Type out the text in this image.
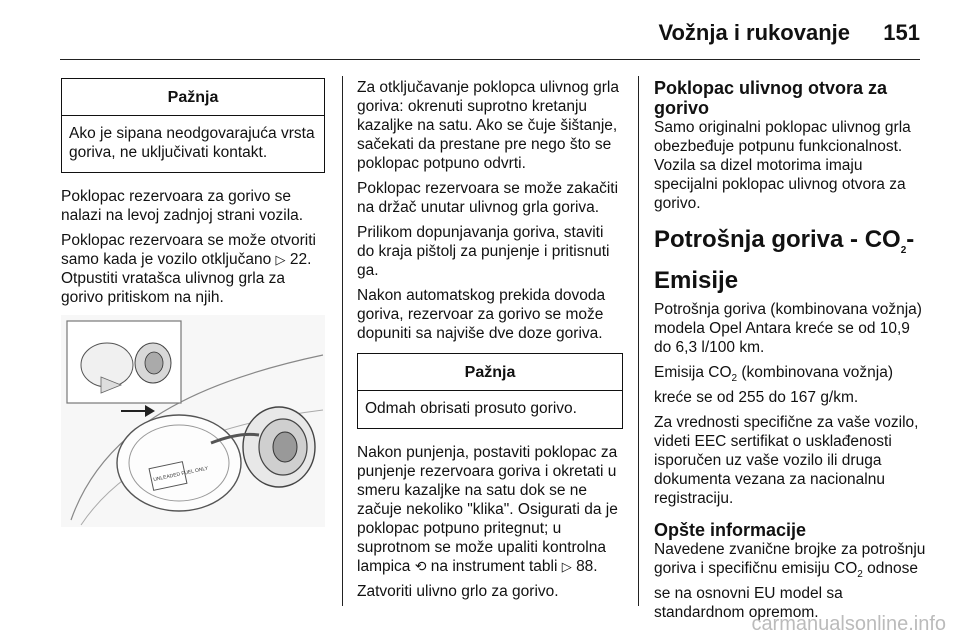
Vožnja i rukovanje 151
Pažnja
Ako je sipana neodgovarajuća vrsta goriva, ne uključivati kontakt.

Poklopac rezervoara za gorivo se nalazi na levoj zadnjoj strani vozila.

Poklopac rezervoara se može otvoriti samo kada je vozilo otključano ▷ 22. Otpustiti vratašca ulivnog grla za gorivo pritiskom na njih.

UNLEADED FUEL ONLY

Za otključavanje poklopca ulivnog grla goriva: okrenuti suprotno kretanju kazaljke na satu. Ako se čuje šištanje, sačekati da prestane pre nego što se poklopac potpuno odvrti.

Poklopac rezervoara se može zakačiti na držač unutar ulivnog grla goriva.

Prilikom dopunjavanja goriva, staviti do kraja pištolj za punjenje i pritisnuti ga.

Nakon automatskog prekida dovoda goriva, rezervoar za gorivo se može dopuniti sa najviše dve doze goriva.

Pažnja
Odmah obrisati prosuto gorivo.

Nakon punjenja, postaviti poklopac za punjenje rezervoara goriva i okretati u smeru kazaljke na satu dok se ne začuje nekoliko "klika". Osigurati da je poklopac potpuno pritegnut; u suprotnom se može upaliti kontrolna lampica ⟲ na instrument tabli ▷ 88.

Zatvoriti ulivno grlo za gorivo.

Poklopac ulivnog otvora za gorivo

Samo originalni poklopac ulivnog grla obezbeđuje potpunu funkcionalnost. Vozila sa dizel motorima imaju specijalni poklopac ulivnog otvora za gorivo.

Potrošnja goriva - $CO_2$-Emisije

Potrošnja goriva (kombinovana vožnja) modela Opel Antara kreće se od 10,9 do 6,3 l/100 km.

Emisija $CO_2$ (kombinovana vožnja) kreće se od 255 do 167 g/km.

Za vrednosti specifične za vaše vozilo, videti EEC sertifikat o usklađenosti isporučen uz vaše vozilo ili druga dokumenta vezana za nacionalnu registraciju.

Opšte informacije

Navedene zvanične brojke za potrošnju goriva i specifičnu emisiju $CO_2$ odnose se na osnovni EU model sa standardnom opremom.

carmanualsonline.info
